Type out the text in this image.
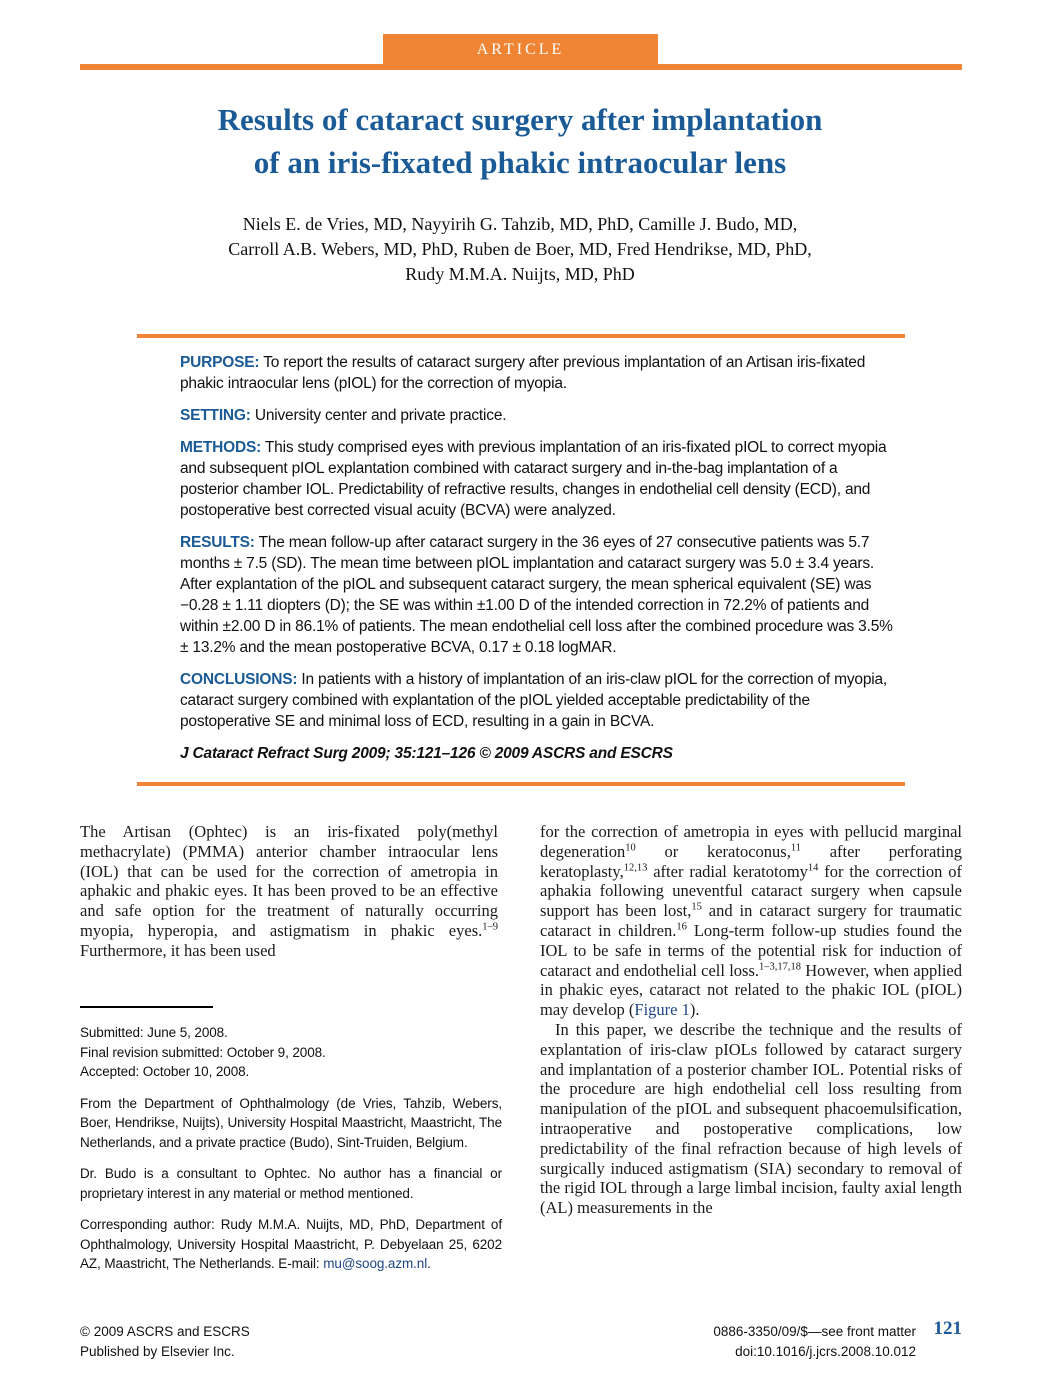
ARTICLE
Results of cataract surgery after implantation
of an iris-fixated phakic intraocular lens
Niels E. de Vries, MD, Nayyirih G. Tahzib, MD, PhD, Camille J. Budo, MD,
Carroll A.B. Webers, MD, PhD, Ruben de Boer, MD, Fred Hendrikse, MD, PhD,
Rudy M.M.A. Nuijts, MD, PhD

PURPOSE: To report the results of cataract surgery after previous implantation of an Artisan iris-fixated phakic intraocular lens (pIOL) for the correction of myopia.

SETTING: University center and private practice.

METHODS: This study comprised eyes with previous implantation of an iris-fixated pIOL to correct myopia and subsequent pIOL explantation combined with cataract surgery and in-the-bag implantation of a posterior chamber IOL. Predictability of refractive results, changes in endothelial cell density (ECD), and postoperative best corrected visual acuity (BCVA) were analyzed.

RESULTS: The mean follow-up after cataract surgery in the 36 eyes of 27 consecutive patients was 5.7 months ± 7.5 (SD). The mean time between pIOL implantation and cataract surgery was 5.0 ± 3.4 years. After explantation of the pIOL and subsequent cataract surgery, the mean spherical equivalent (SE) was −0.28 ± 1.11 diopters (D); the SE was within ±1.00 D of the intended correction in 72.2% of patients and within ±2.00 D in 86.1% of patients. The mean endothelial cell loss after the combined procedure was 3.5% ± 13.2% and the mean postoperative BCVA, 0.17 ± 0.18 logMAR.

CONCLUSIONS: In patients with a history of implantation of an iris-claw pIOL for the correction of myopia, cataract surgery combined with explantation of the pIOL yielded acceptable predictability of the postoperative SE and minimal loss of ECD, resulting in a gain in BCVA.

J Cataract Refract Surg 2009; 35:121–126 © 2009 ASCRS and ESCRS

The Artisan (Ophtec) is an iris-fixated poly(methyl methacrylate) (PMMA) anterior chamber intraocular lens (IOL) that can be used for the correction of ametropia in aphakic and phakic eyes. It has been proved to be an effective and safe option for the treatment of naturally occurring myopia, hyperopia, and astigmatism in phakic eyes.$^{1-9}$ Furthermore, it has been used

for the correction of ametropia in eyes with pellucid marginal degeneration$^{10}$ or keratoconus,$^{11}$ after perforating keratoplasty,$^{12,13}$ after radial keratotomy$^{14}$ for the correction of aphakia following uneventful cataract surgery when capsule support has been lost,$^{15}$ and in cataract surgery for traumatic cataract in children.$^{16}$ Long-term follow-up studies found the IOL to be safe in terms of the potential risk for induction of cataract and endothelial cell loss.$^{1-3,17,18}$ However, when applied in phakic eyes, cataract not related to the phakic IOL (pIOL) may develop (Figure 1).

In this paper, we describe the technique and the results of explantation of iris-claw pIOLs followed by cataract surgery and implantation of a posterior chamber IOL. Potential risks of the procedure are high endothelial cell loss resulting from manipulation of the pIOL and subsequent phacoemulsification, intraoperative and postoperative complications, low predictability of the final refraction because of high levels of surgically induced astigmatism (SIA) secondary to removal of the rigid IOL through a large limbal incision, faulty axial length (AL) measurements in the

Submitted: June 5, 2008.
Final revision submitted: October 9, 2008.
Accepted: October 10, 2008.

From the Department of Ophthalmology (de Vries, Tahzib, Webers, Boer, Hendrikse, Nuijts), University Hospital Maastricht, Maastricht, The Netherlands, and a private practice (Budo), Sint-Truiden, Belgium.

Dr. Budo is a consultant to Ophtec. No author has a financial or proprietary interest in any material or method mentioned.

Corresponding author: Rudy M.M.A. Nuijts, MD, PhD, Department of Ophthalmology, University Hospital Maastricht, P. Debyelaan 25, 6202 AZ, Maastricht, The Netherlands. E-mail: mu@soog.azm.nl.

© 2009 ASCRS and ESCRS
Published by Elsevier Inc.
0886-3350/09/$—see front matter
doi:10.1016/j.jcrs.2008.10.012
121
